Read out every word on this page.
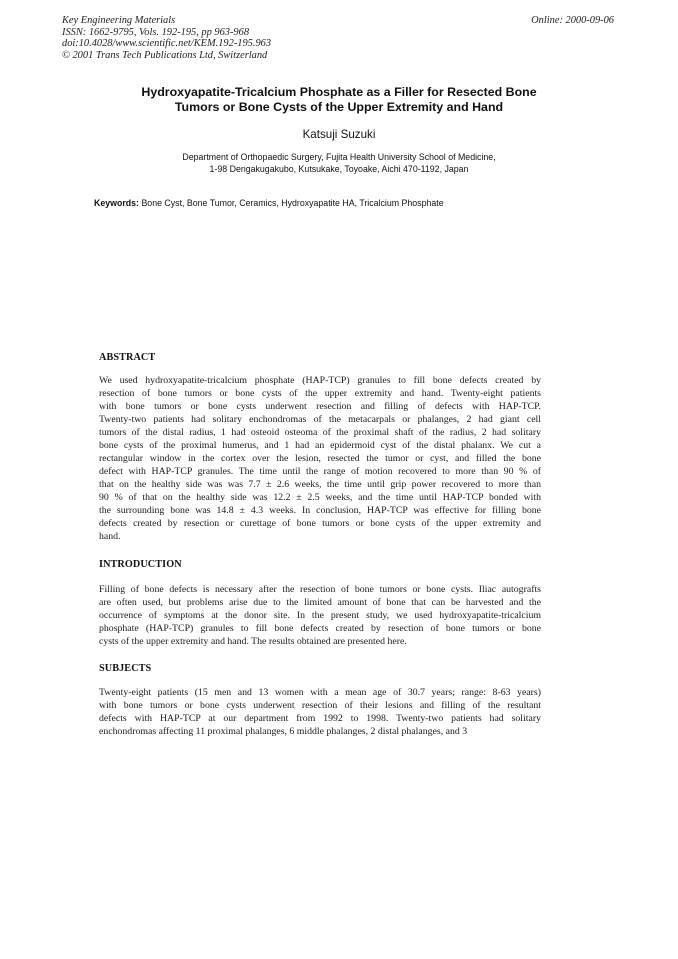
Key Engineering Materials
ISSN: 1662-9795, Vols. 192-195, pp 963-968
doi:10.4028/www.scientific.net/KEM.192-195.963
© 2001 Trans Tech Publications Ltd, Switzerland
Online: 2000-09-06
Hydroxyapatite-Tricalcium Phosphate as a Filler for Resected Bone
Tumors or Bone Cysts of the Upper Extremity and Hand
Katsuji Suzuki
Department of Orthopaedic Surgery, Fujita Health University School of Medicine,
1-98 Dengakugakubo, Kutsukake, Toyoake, Aichi 470-1192, Japan
Keywords: Bone Cyst, Bone Tumor, Ceramics, Hydroxyapatite HA, Tricalcium Phosphate
ABSTRACT
We used hydroxyapatite-tricalcium phosphate (HAP-TCP) granules to fill bone defects created by
resection of bone tumors or bone cysts of the upper extremity and hand. Twenty-eight patients
with bone tumors or bone cysts underwent resection and filling of defects with HAP-TCP.
Twenty-two patients had solitary enchondromas of the metacarpals or phalanges, 2 had giant cell
tumors of the distal radius, 1 had osteoid osteoma of the proximal shaft of the radius, 2 had solitary
bone cysts of the proximal humerus, and 1 had an epidermoid cyst of the distal phalanx. We cut a
rectangular window in the cortex over the lesion, resected the tumor or cyst, and filled the bone
defect with HAP-TCP granules. The time until the range of motion recovered to more than 90 % of
that on the healthy side was was 7.7 ± 2.6 weeks, the time until grip power recovered to more than
90 % of that on the healthy side was 12.2 ± 2.5 weeks, and the time until HAP-TCP bonded with
the surrounding bone was 14.8 ± 4.3 weeks. In conclusion, HAP-TCP was effective for filling bone
defects created by resection or curettage of bone tumors or bone cysts of the upper extremity and
hand.
INTRODUCTION
Filling of bone defects is necessary after the resection of bone tumors or bone cysts. Iliac autografts
are often used, but problems arise due to the limited amount of bone that can be harvested and the
occurrence of symptoms at the donor site. In the present study, we used hydroxyapatite-tricalcium
phosphate (HAP-TCP) granules to fill bone defects created by resection of bone tumors or bone
cysts of the upper extremity and hand. The results obtained are presented here.
SUBJECTS
Twenty-eight patients (15 men and 13 women with a mean age of 30.7 years; range: 8-63 years)
with bone tumors or bone cysts underwent resection of their lesions and filling of the resultant
defects with HAP-TCP at our department from 1992 to 1998. Twenty-two patients had solitary
enchondromas affecting 11 proximal phalanges, 6 middle phalanges, 2 distal phalanges, and 3
